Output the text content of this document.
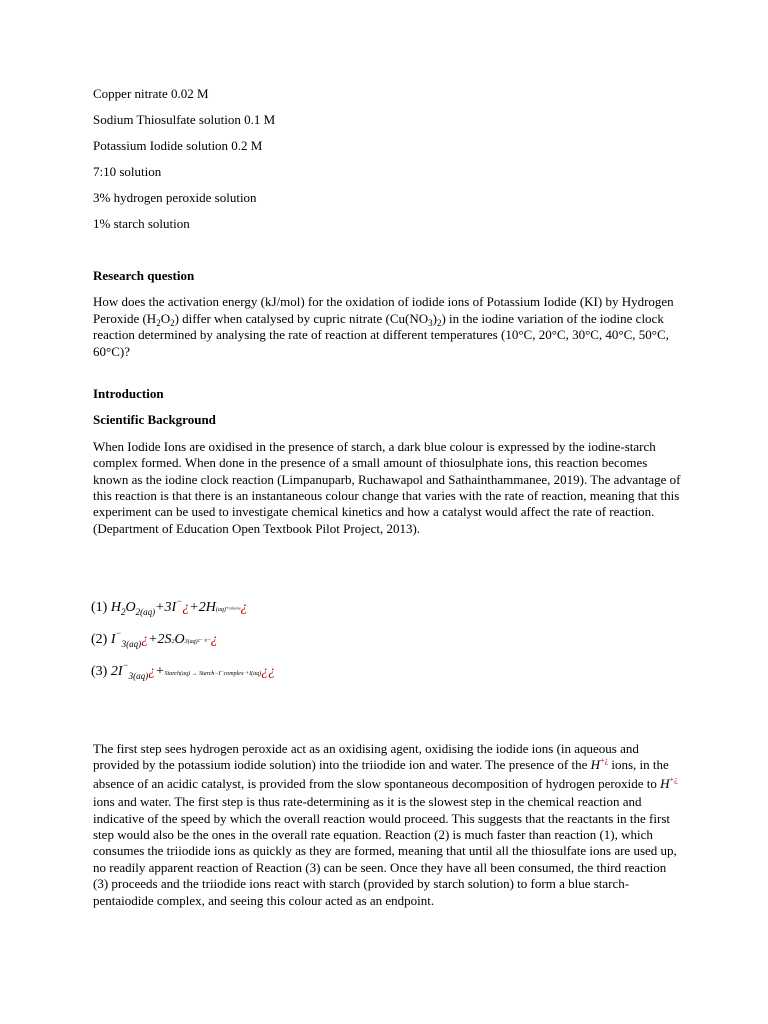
Copper nitrate 0.02 M
Sodium Thiosulfate solution 0.1 M
Potassium Iodide solution 0.2 M
7:10 solution
3% hydrogen peroxide solution
1% starch solution

Research question

How does the activation energy (kJ/mol) for the oxidation of iodide ions of Potassium Iodide (KI) by Hydrogen Peroxide $(H_2O_2)$ differ when catalysed by cupric nitrate $(Cu(NO_3)_2)$ in the iodine variation of the iodine clock reaction determined by analysing the rate of reaction at different temperatures (10°C, 20°C, 30°C, 40°C, 50°C, 60°C)?

Introduction

Scientific Background

When Iodide Ions are oxidised in the presence of starch, a dark blue colour is expressed by the iodine-starch complex formed. When done in the presence of a small amount of thiosulphate ions, this reaction becomes known as the iodine clock reaction (Limpanuparb, Ruchawapol and Sathainthammanee, 2019). The advantage of this reaction is that there is an instantaneous colour change that varies with the rate of reaction, meaning that this experiment can be used to investigate chemical kinetics and how a catalyst would affect the rate of reaction. (Department of Education Open Textbook Pilot Project, 2013).

(1) $H_2O_{2(aq)}+3I^-¿+2H(aq)^+ʳᵉˡᵃᵗᶦᵛᵉ¿$
(2) $I^-_{3(aq)}¿+2S2O3(aq)^{2-}$ ³ᴵ⁻¿
(3) $2I^-_{3(aq)}¿+Starch(aq)$ → Starch−I⁻complex +I(aq)¿¿
The first step sees hydrogen peroxide act as an oxidising agent, oxidising the iodide ions (in aqueous and provided by the potassium iodide solution) into the triiodide ion and water. The presence of the H+¿ ions, in the absence of an acidic catalyst, is provided from the slow spontaneous decomposition of hydrogen peroxide to H+¿ ions and water. The first step is thus rate-determining as it is the slowest step in the chemical reaction and indicative of the speed by which the overall reaction would proceed. This suggests that the reactants in the first step would also be the ones in the overall rate equation. Reaction (2) is much faster than reaction (1), which consumes the triiodide ions as quickly as they are formed, meaning that until all the thiosulfate ions are used up, no readily apparent reaction of Reaction (3) can be seen. Once they have all been consumed, the third reaction (3) proceeds and the triiodide ions react with starch (provided by starch solution) to form a blue starch-pentaiodide complex, and seeing this colour acted as an endpoint.
